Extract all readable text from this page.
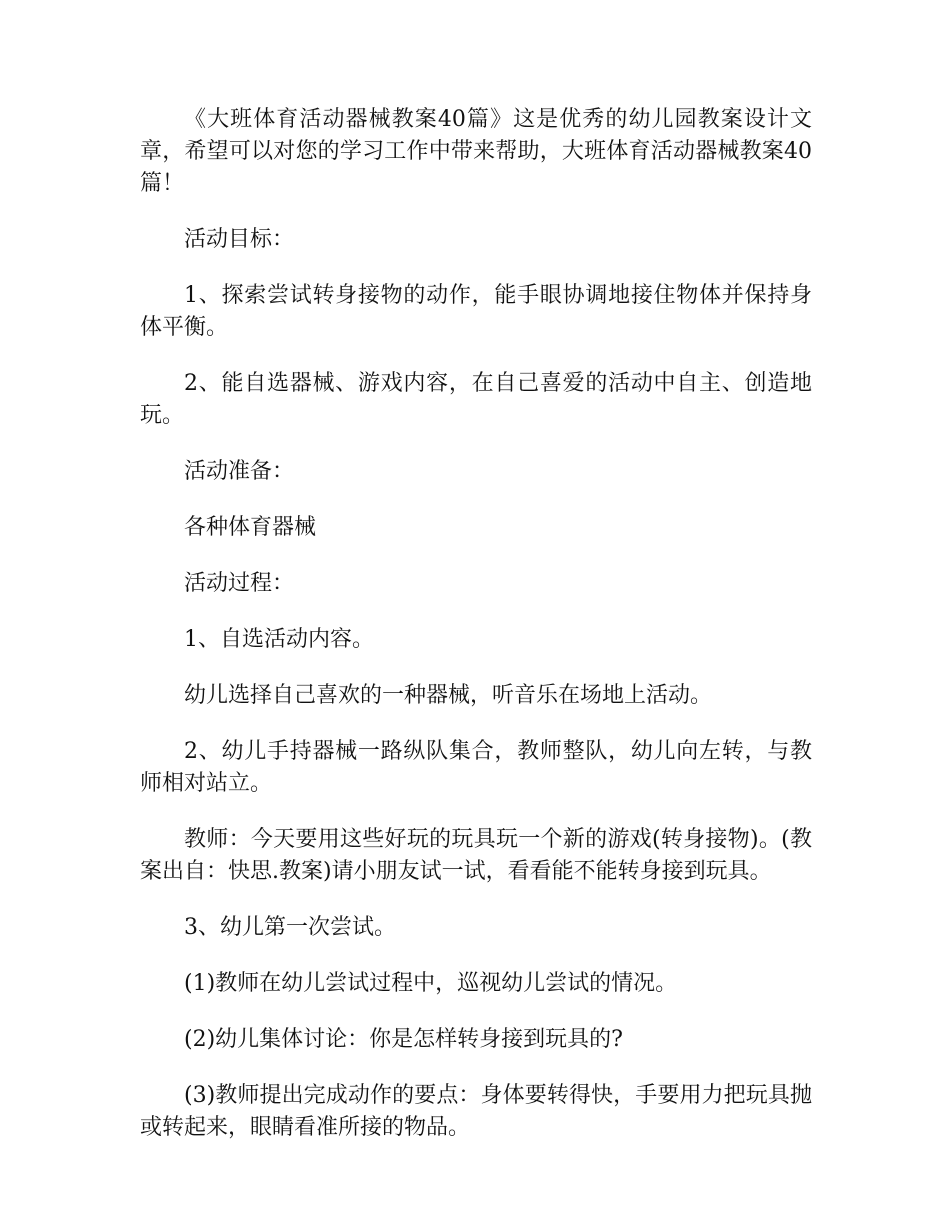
《大班体育活动器械教案40篇》这是优秀的幼儿园教案设计文章，希望可以对您的学习工作中带来帮助，大班体育活动器械教案40篇！

活动目标：

1、探索尝试转身接物的动作，能手眼协调地接住物体并保持身体平衡。

2、能自选器械、游戏内容，在自己喜爱的活动中自主、创造地玩。

活动准备：

各种体育器械

活动过程：

1、自选活动内容。

幼儿选择自己喜欢的一种器械，听音乐在场地上活动。

2、幼儿手持器械一路纵队集合，教师整队，幼儿向左转，与教师相对站立。

教师：今天要用这些好玩的玩具玩一个新的游戏(转身接物)。(教案出自：快思.教案)请小朋友试一试，看看能不能转身接到玩具。

3、幼儿第一次尝试。

(1)教师在幼儿尝试过程中，巡视幼儿尝试的情况。

(2)幼儿集体讨论：你是怎样转身接到玩具的?

(3)教师提出完成动作的要点：身体要转得快，手要用力把玩具抛或转起来，眼睛看准所接的物品。
